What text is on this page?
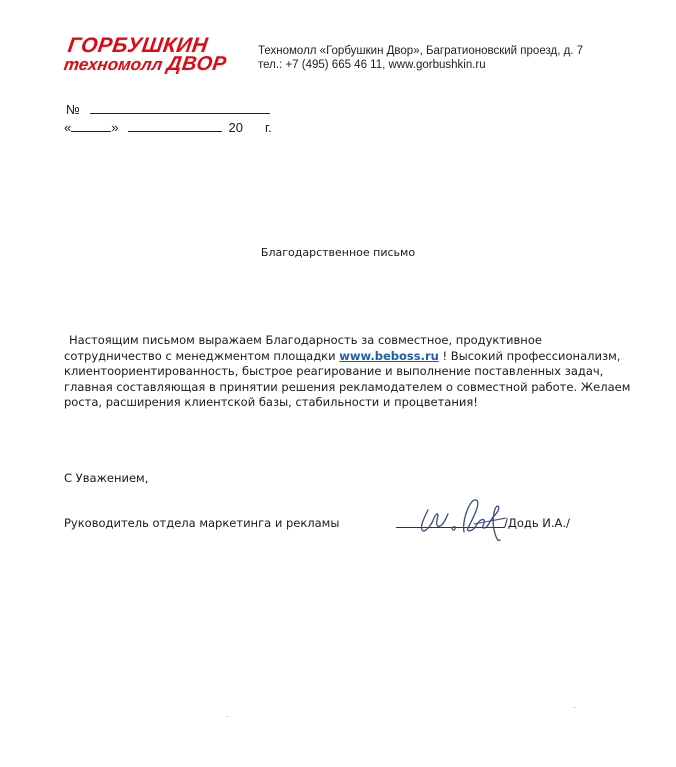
ГОРБУШКИН
техномолл ДВОР
Техномолл «Горбушкин Двор», Багратионовский проезд, д. 7
тел.: +7 (495) 665 46 11, www.gorbushkin.ru
№
«	»	20 г.
Благодарственное письмо
Настоящим письмом выражаем Благодарность за совместное, продуктивное сотрудничество с менеджментом площадки www.beboss.ru ! Высокий профессионализм, клиентоориентированность, быстрое реагирование и выполнение поставленных задач, главная составляющая в принятии решения рекламодателем о совместной работе. Желаем роста, расширения клиентской базы, стабильности и процветания!
С Уважением,
Руководитель отдела маркетинга и рекламы	/Додь И.А./
